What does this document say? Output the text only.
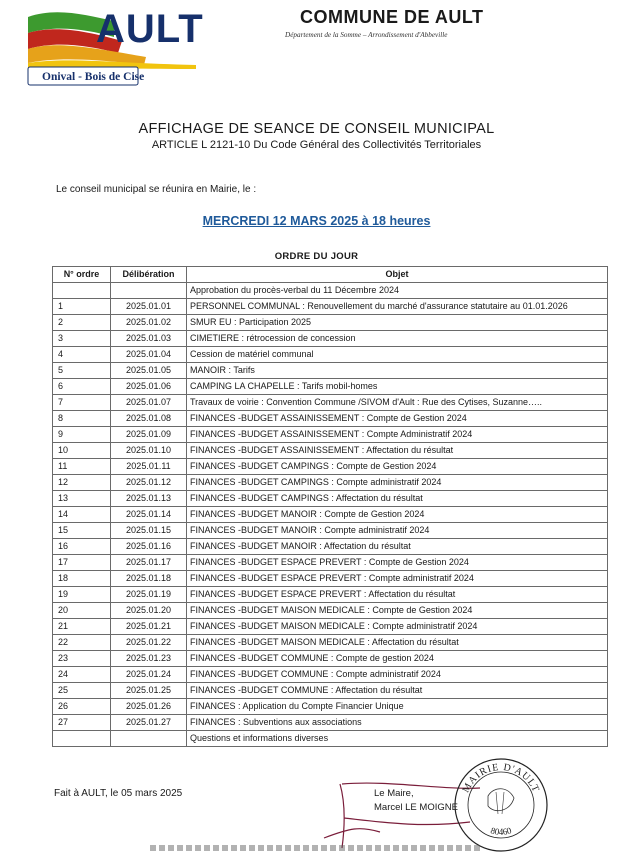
AULT
Onival - Bois de Cise
COMMUNE DE AULT
Département de la Somme – Arrondissement d'Abbeville
AFFICHAGE DE SEANCE DE CONSEIL MUNICIPAL
ARTICLE L 2121-10 Du Code Général des Collectivités Territoriales
Le conseil municipal se réunira en Mairie, le :
MERCREDI 12 MARS 2025 à 18 heures
ORDRE DU JOUR
N° ordre	Délibération	Objet
		Approbation du procès-verbal du 11 Décembre 2024
1	2025.01.01	PERSONNEL COMMUNAL : Renouvellement du marché d'assurance statutaire au 01.01.2026
2	2025.01.02	SMUR EU : Participation 2025
3	2025.01.03	CIMETIERE : rétrocession de concession
4	2025.01.04	Cession de matériel communal
5	2025.01.05	MANOIR : Tarifs
6	2025.01.06	CAMPING LA CHAPELLE : Tarifs mobil-homes
7	2025.01.07	Travaux de voirie : Convention Commune /SIVOM d'Ault : Rue des Cytises, Suzanne…..
8	2025.01.08	FINANCES -BUDGET ASSAINISSEMENT : Compte de Gestion 2024
9	2025.01.09	FINANCES -BUDGET ASSAINISSEMENT : Compte Administratif 2024
10	2025.01.10	FINANCES -BUDGET ASSAINISSEMENT : Affectation du résultat
11	2025.01.11	FINANCES -BUDGET CAMPINGS : Compte de Gestion 2024
12	2025.01.12	FINANCES -BUDGET CAMPINGS : Compte administratif 2024
13	2025.01.13	FINANCES -BUDGET CAMPINGS : Affectation du résultat
14	2025.01.14	FINANCES -BUDGET MANOIR : Compte de Gestion 2024
15	2025.01.15	FINANCES -BUDGET MANOIR : Compte administratif 2024
16	2025.01.16	FINANCES -BUDGET MANOIR : Affectation du résultat
17	2025.01.17	FINANCES -BUDGET ESPACE PREVERT : Compte de Gestion 2024
18	2025.01.18	FINANCES -BUDGET ESPACE PREVERT : Compte administratif 2024
19	2025.01.19	FINANCES -BUDGET ESPACE PREVERT : Affectation du résultat
20	2025.01.20	FINANCES -BUDGET MAISON MEDICALE : Compte de Gestion 2024
21	2025.01.21	FINANCES -BUDGET MAISON MEDICALE : Compte administratif 2024
22	2025.01.22	FINANCES -BUDGET MAISON MEDICALE : Affectation du résultat
23	2025.01.23	FINANCES -BUDGET COMMUNE : Compte de gestion 2024
24	2025.01.24	FINANCES -BUDGET COMMUNE : Compte administratif 2024
25	2025.01.25	FINANCES -BUDGET COMMUNE : Affectation du résultat
26	2025.01.26	FINANCES : Application du Compte Financier Unique
27	2025.01.27	FINANCES : Subventions aux associations
		Questions et informations diverses
Fait à AULT, le 05 mars 2025	Le Maire,
Marcel LE MOIGNE
MAIRIE D'AULT
80460
